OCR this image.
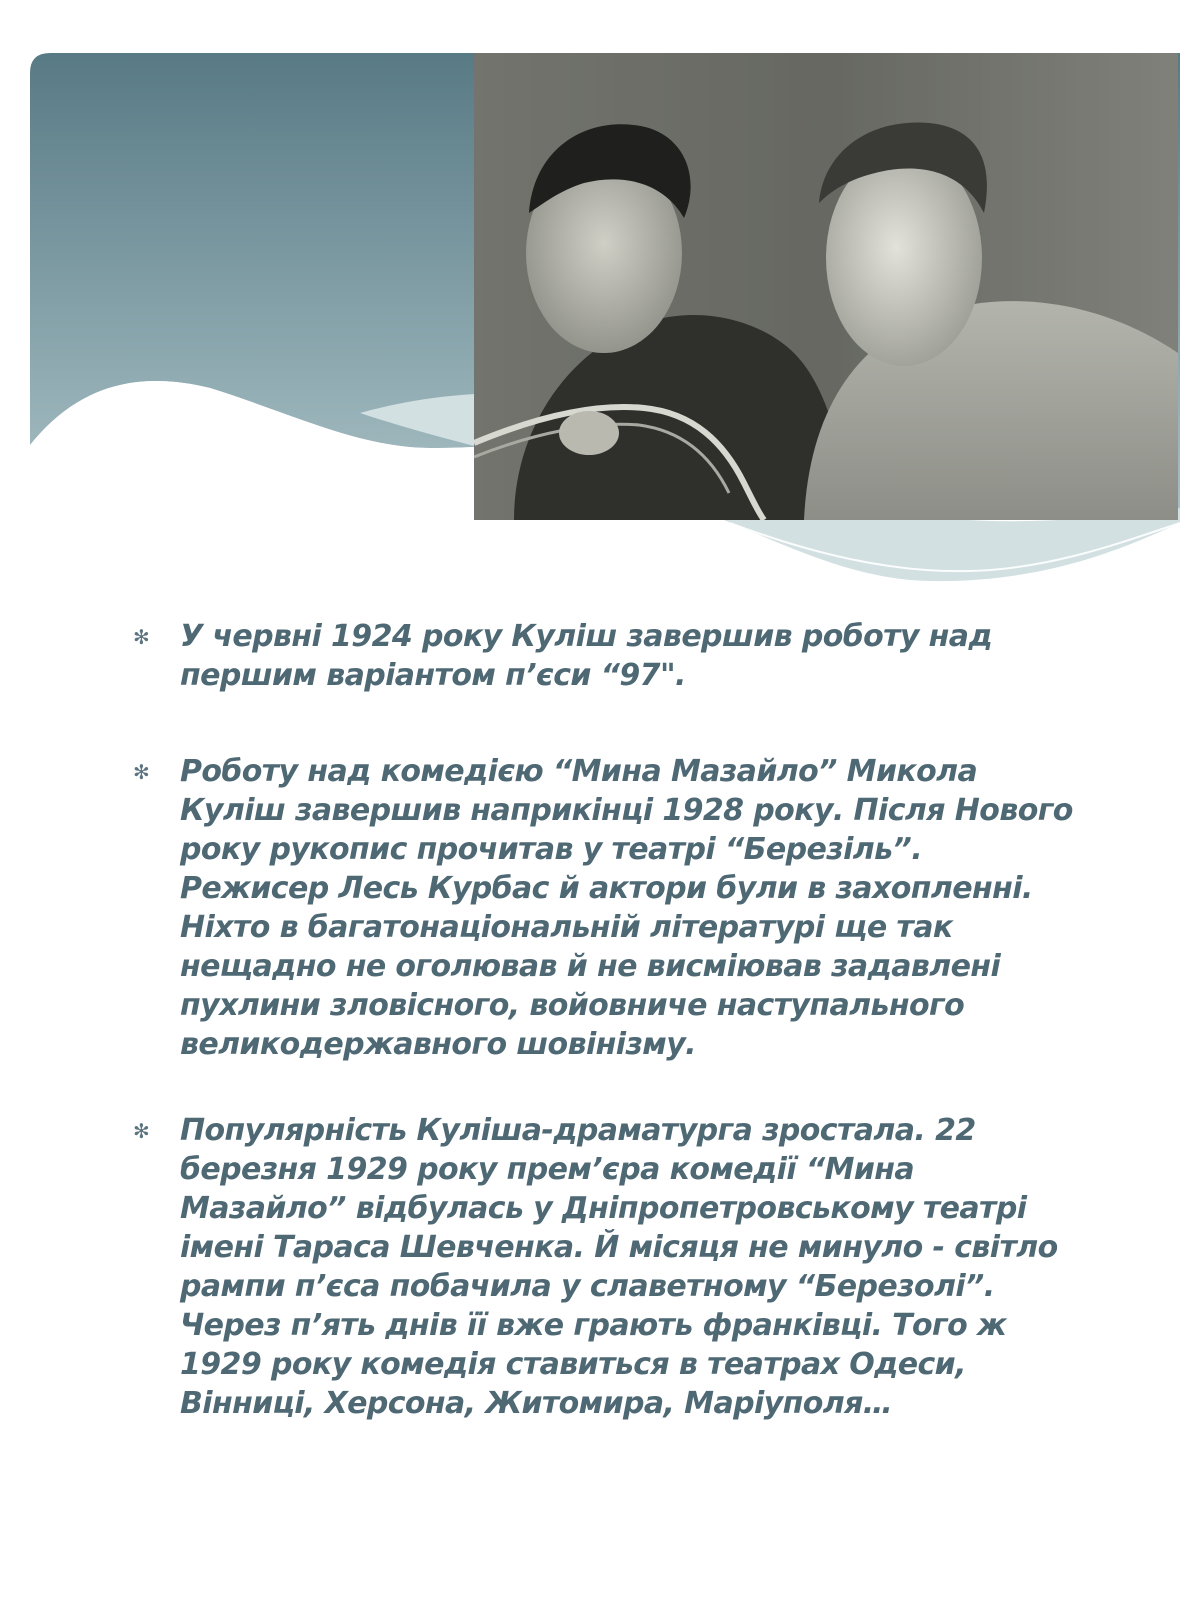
✻ У червні 1924 року Куліш завершив роботу над першим варіантом п’єси “97".

✻ Роботу над комедією “Мина Мазайло” Микола Куліш завершив наприкінці 1928 року. Після Нового року рукопис прочитав у театрі “Березіль”. Режисер Лесь Курбас й актори були в захопленні. Ніхто в багатонаціональній літературі ще так нещадно не оголював й не висміював задавлені пухлини зловісного, войовниче наступального великодержавного шовінізму.

✻ Популярність Куліша-драматурга зростала. 22 березня 1929 року прем’єра комедії “Мина Мазайло” відбулась у Дніпропетровському театрі імені Тараса Шевченка. Й місяця не минуло - світло рампи п’єса побачила у славетному “Березолі”. Через п’ять днів її вже грають франківці. Того ж 1929 року комедія ставиться в театрах Одеси, Вінниці, Херсона, Житомира, Маріуполя…
